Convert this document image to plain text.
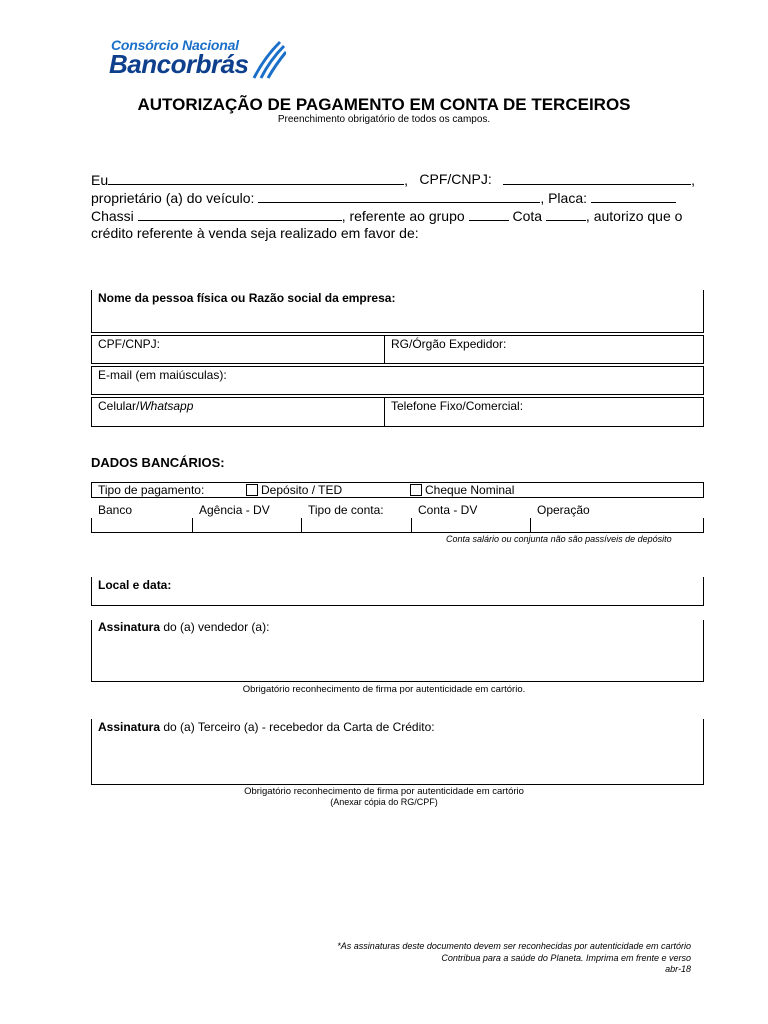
Consórcio Nacional
Bancorbrás
AUTORIZAÇÃO DE PAGAMENTO EM CONTA DE TERCEIROS
Preenchimento obrigatório de todos os campos.
Eu	, CPF/CNPJ:	,
proprietário (a) do veículo:	, Placa:
Chassi	, referente ao grupo	Cota	, autorizo que o
crédito referente à venda seja realizado em favor de:
Nome da pessoa física ou Razão social da empresa:
CPF/CNPJ:	RG/Órgão Expedidor:
E-mail (em maiúsculas):
Celular/Whatsapp	Telefone Fixo/Comercial:
DADOS BANCÁRIOS:
Tipo de pagamento:	Depósito / TED	Cheque Nominal
Banco	Agência - DV	Tipo de conta:	Conta - DV	Operação
Conta salário ou conjunta não são passíveis de depósito
Local e data:
Assinatura do (a) vendedor (a):
Obrigatório reconhecimento de firma por autenticidade em cartório.
Assinatura do (a) Terceiro (a) - recebedor da Carta de Crédito:
Obrigatório reconhecimento de firma por autenticidade em cartório
(Anexar cópia do RG/CPF)
*As assinaturas deste documento devem ser reconhecidas por autenticidade em cartório
Contribua para a saúde do Planeta. Imprima em frente e verso
abr-18
